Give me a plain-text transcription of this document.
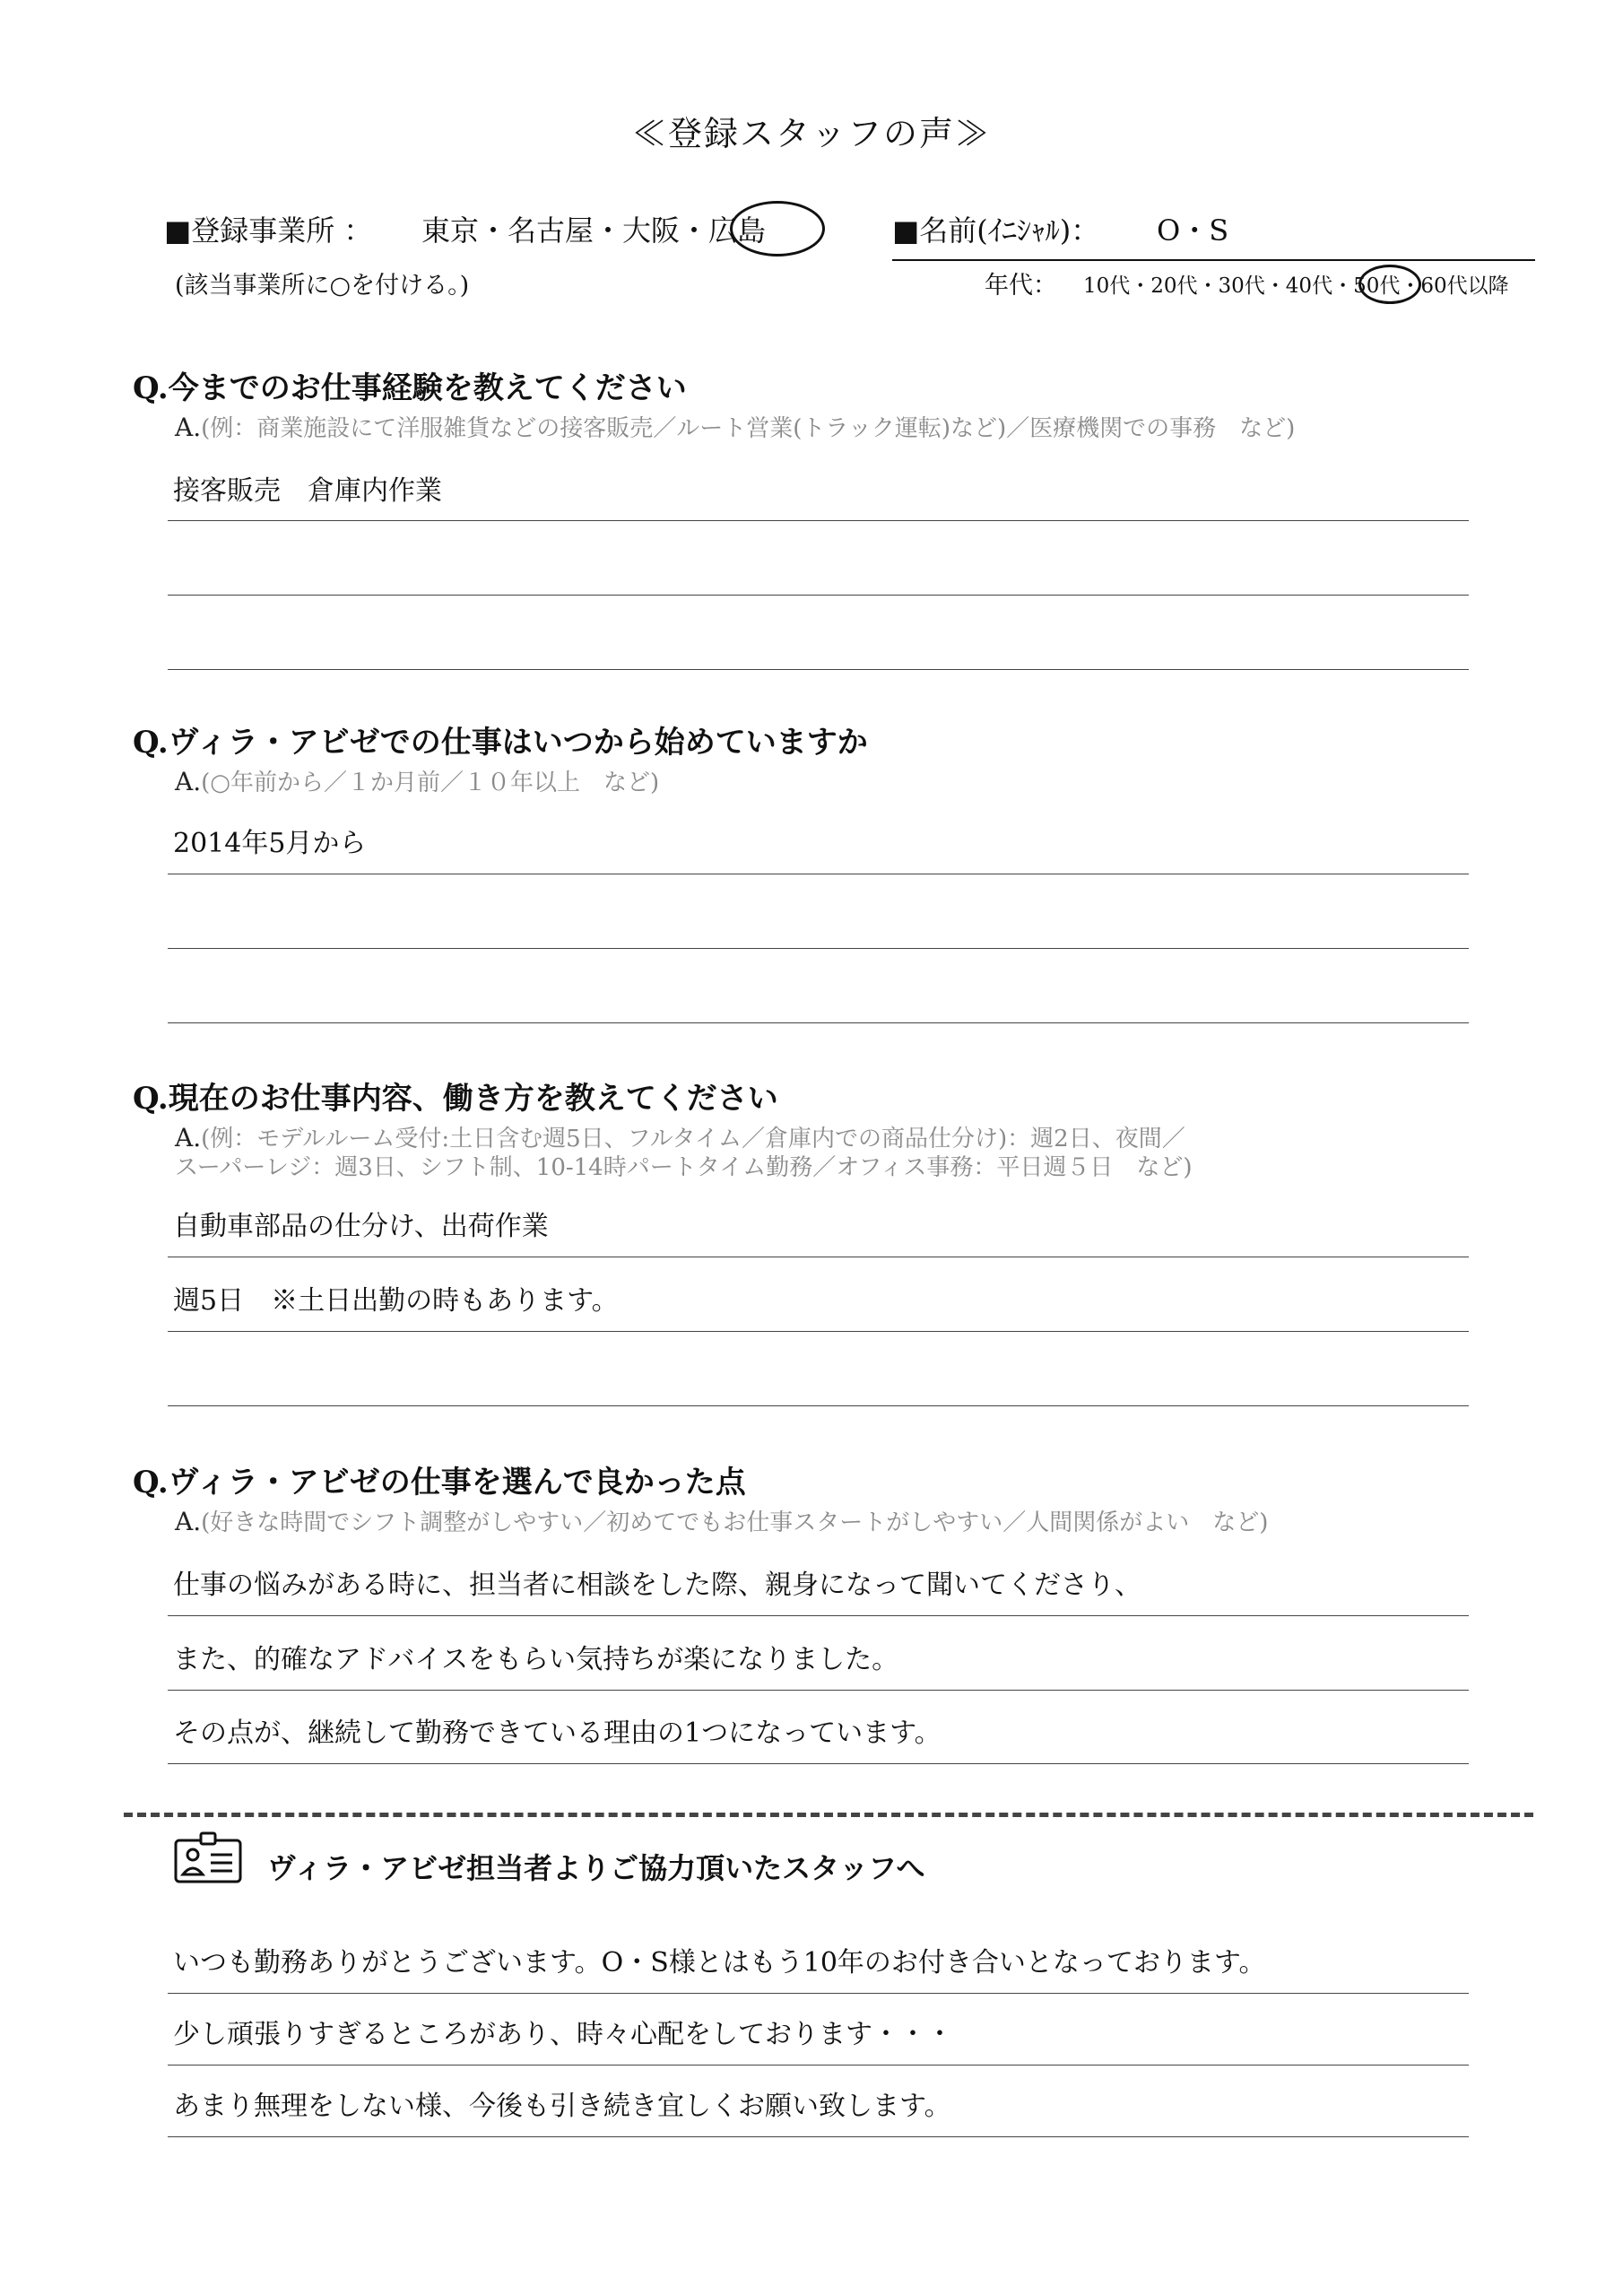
≪登録スタッフの声≫
■登録事業所 ： 東京・名古屋・大阪・広島
(該当事業所に○を付ける。)
■名前(ｲﾆｼｬﾙ)： O・S
年代： 10代・20代・30代・40代・50代・60代以降
Q.今までのお仕事経験を教えてください
A.(例：商業施設にて洋服雑貨などの接客販売／ルート営業(トラック運転)など)／医療機関での事務　など)
接客販売　倉庫内作業
Q.ヴィラ・アビゼでの仕事はいつから始めていますか
A.(○年前から／１か月前／１０年以上　など)
2014年5月から
Q.現在のお仕事内容、働き方を教えてください
A.(例：モデルルーム受付:土日含む週5日、フルタイム／倉庫内での商品仕分け)：週2日、夜間／
スーパーレジ：週3日、シフト制、10-14時パートタイム勤務／オフィス事務：平日週５日　など)
自動車部品の仕分け、出荷作業
週5日　※土日出勤の時もあります。
Q.ヴィラ・アビゼの仕事を選んで良かった点
A.(好きな時間でシフト調整がしやすい／初めてでもお仕事スタートがしやすい／人間関係がよい　など)
仕事の悩みがある時に、担当者に相談をした際、親身になって聞いてくださり、
また、的確なアドバイスをもらい気持ちが楽になりました。
その点が、継続して勤務できている理由の1つになっています。
ヴィラ・アビゼ担当者よりご協力頂いたスタッフへ
いつも勤務ありがとうございます。O・S様とはもう10年のお付き合いとなっております。
少し頑張りすぎるところがあり、時々心配をしております・・・
あまり無理をしない様、今後も引き続き宜しくお願い致します。
